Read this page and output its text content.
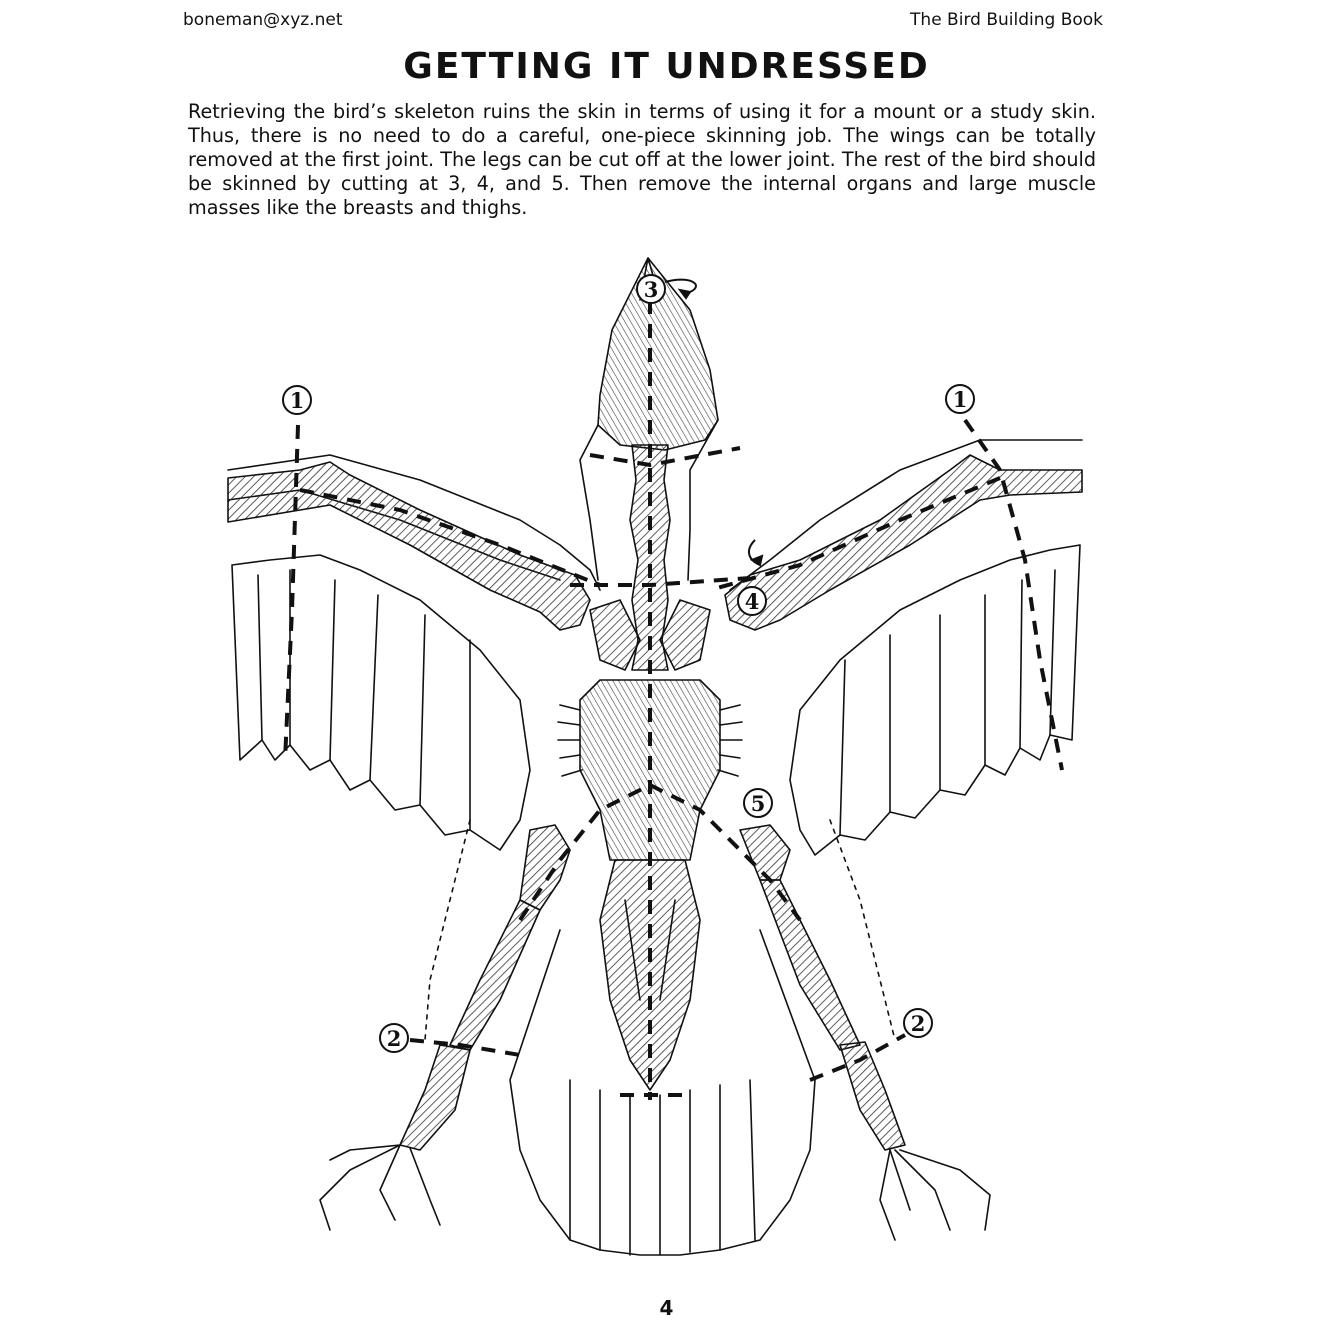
boneman@xyz.net	The Bird Building Book
GETTING IT UNDRESSED

Retrieving the bird’s skeleton ruins the skin in terms of using it for a mount or a study skin. Thus, there is no need to do a careful, one-piece skinning job. The wings can be totally removed at the first joint. The legs can be cut off at the lower joint. The rest of the bird should be skinned by cutting at 3, 4, and 5. Then remove the internal organs and large muscle masses like the breasts and thighs.

1	1
3
4
5
2
2
4
